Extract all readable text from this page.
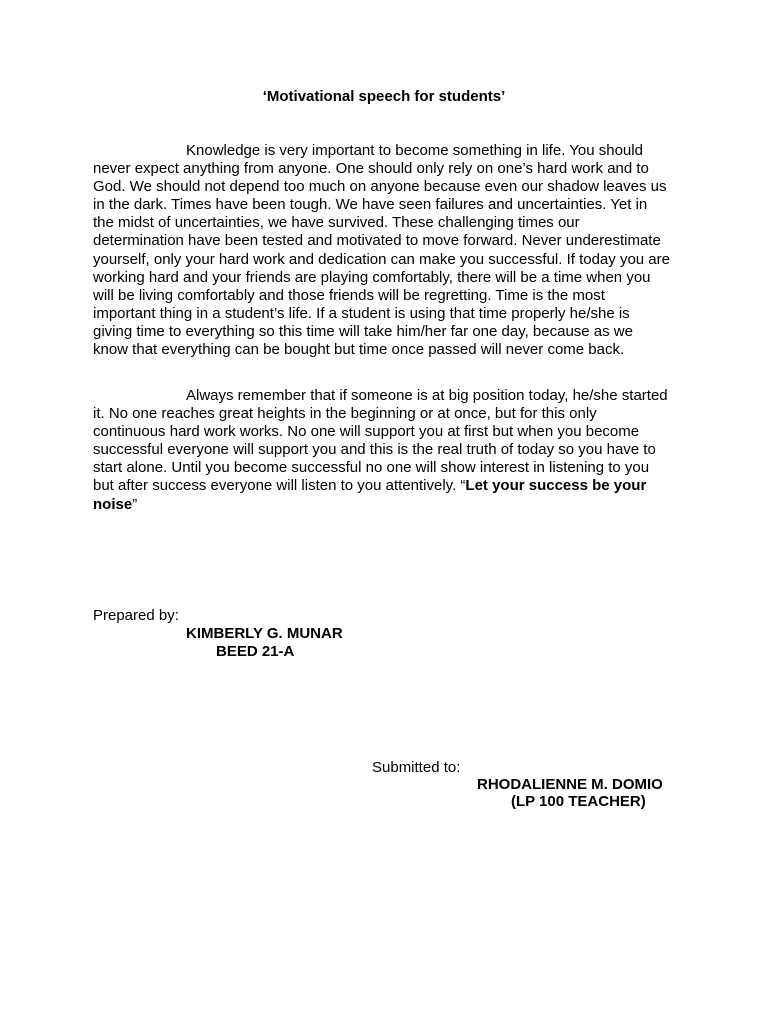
‘Motivational speech for students’

Knowledge is very important to become something in life. You should never expect anything from anyone. One should only rely on one’s hard work and to God. We should not depend too much on anyone because even our shadow leaves us in the dark. Times have been tough. We have seen failures and uncertainties. Yet in the midst of uncertainties, we have survived. These challenging times our determination have been tested and motivated to move forward. Never underestimate yourself, only your hard work and dedication can make you successful. If today you are working hard and your friends are playing comfortably, there will be a time when you will be living comfortably and those friends will be regretting. Time is the most important thing in a student’s life. If a student is using that time properly he/she is giving time to everything so this time will take him/her far one day, because as we know that everything can be bought but time once passed will never come back.

Always remember that if someone is at big position today, he/she started it. No one reaches great heights in the beginning or at once, but for this only continuous hard work works. No one will support you at first but when you become successful everyone will support you and this is the real truth of today so you have to start alone. Until you become successful no one will show interest in listening to you but after success everyone will listen to you attentively. “Let your success be your noise”

Prepared by:
KIMBERLY G. MUNAR
BEED 21-A
Submitted to:
RHODALIENNE M. DOMIO
(LP 100 TEACHER)
